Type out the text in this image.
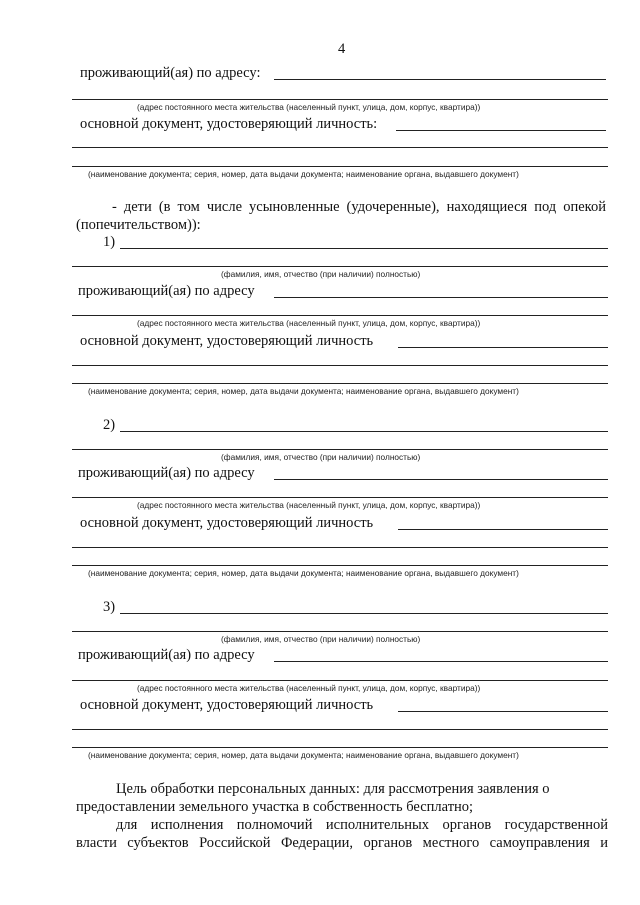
4
проживающий(ая) по адресу:
(адрес постоянного места жительства (населенный пункт, улица, дом, корпус, квартира))
основной документ, удостоверяющий личность:
(наименование документа; серия, номер, дата выдачи документа; наименование органа, выдавшего документ)
- дети (в том числе усыновленные (удочеренные), находящиеся под опекой
(попечительством)):
1)
(фамилия, имя, отчество (при наличии) полностью)
проживающий(ая) по адресу
(адрес постоянного места жительства (населенный пункт, улица, дом, корпус, квартира))
основной документ, удостоверяющий личность
(наименование документа; серия, номер, дата выдачи документа; наименование органа, выдавшего документ)
2)
(фамилия, имя, отчество (при наличии) полностью)
проживающий(ая) по адресу
(адрес постоянного места жительства (населенный пункт, улица, дом, корпус, квартира))
основной документ, удостоверяющий личность
(наименование документа; серия, номер, дата выдачи документа; наименование органа, выдавшего документ)
3)
(фамилия, имя, отчество (при наличии) полностью)
проживающий(ая) по адресу
(адрес постоянного места жительства (населенный пункт, улица, дом, корпус, квартира))
основной документ, удостоверяющий личность
(наименование документа; серия, номер, дата выдачи документа; наименование органа, выдавшего документ)
Цель обработки персональных данных: для рассмотрения заявления о
предоставлении земельного участка в собственность бесплатно;
для исполнения полномочий исполнительных органов государственной
власти субъектов Российской Федерации, органов местного самоуправления и
